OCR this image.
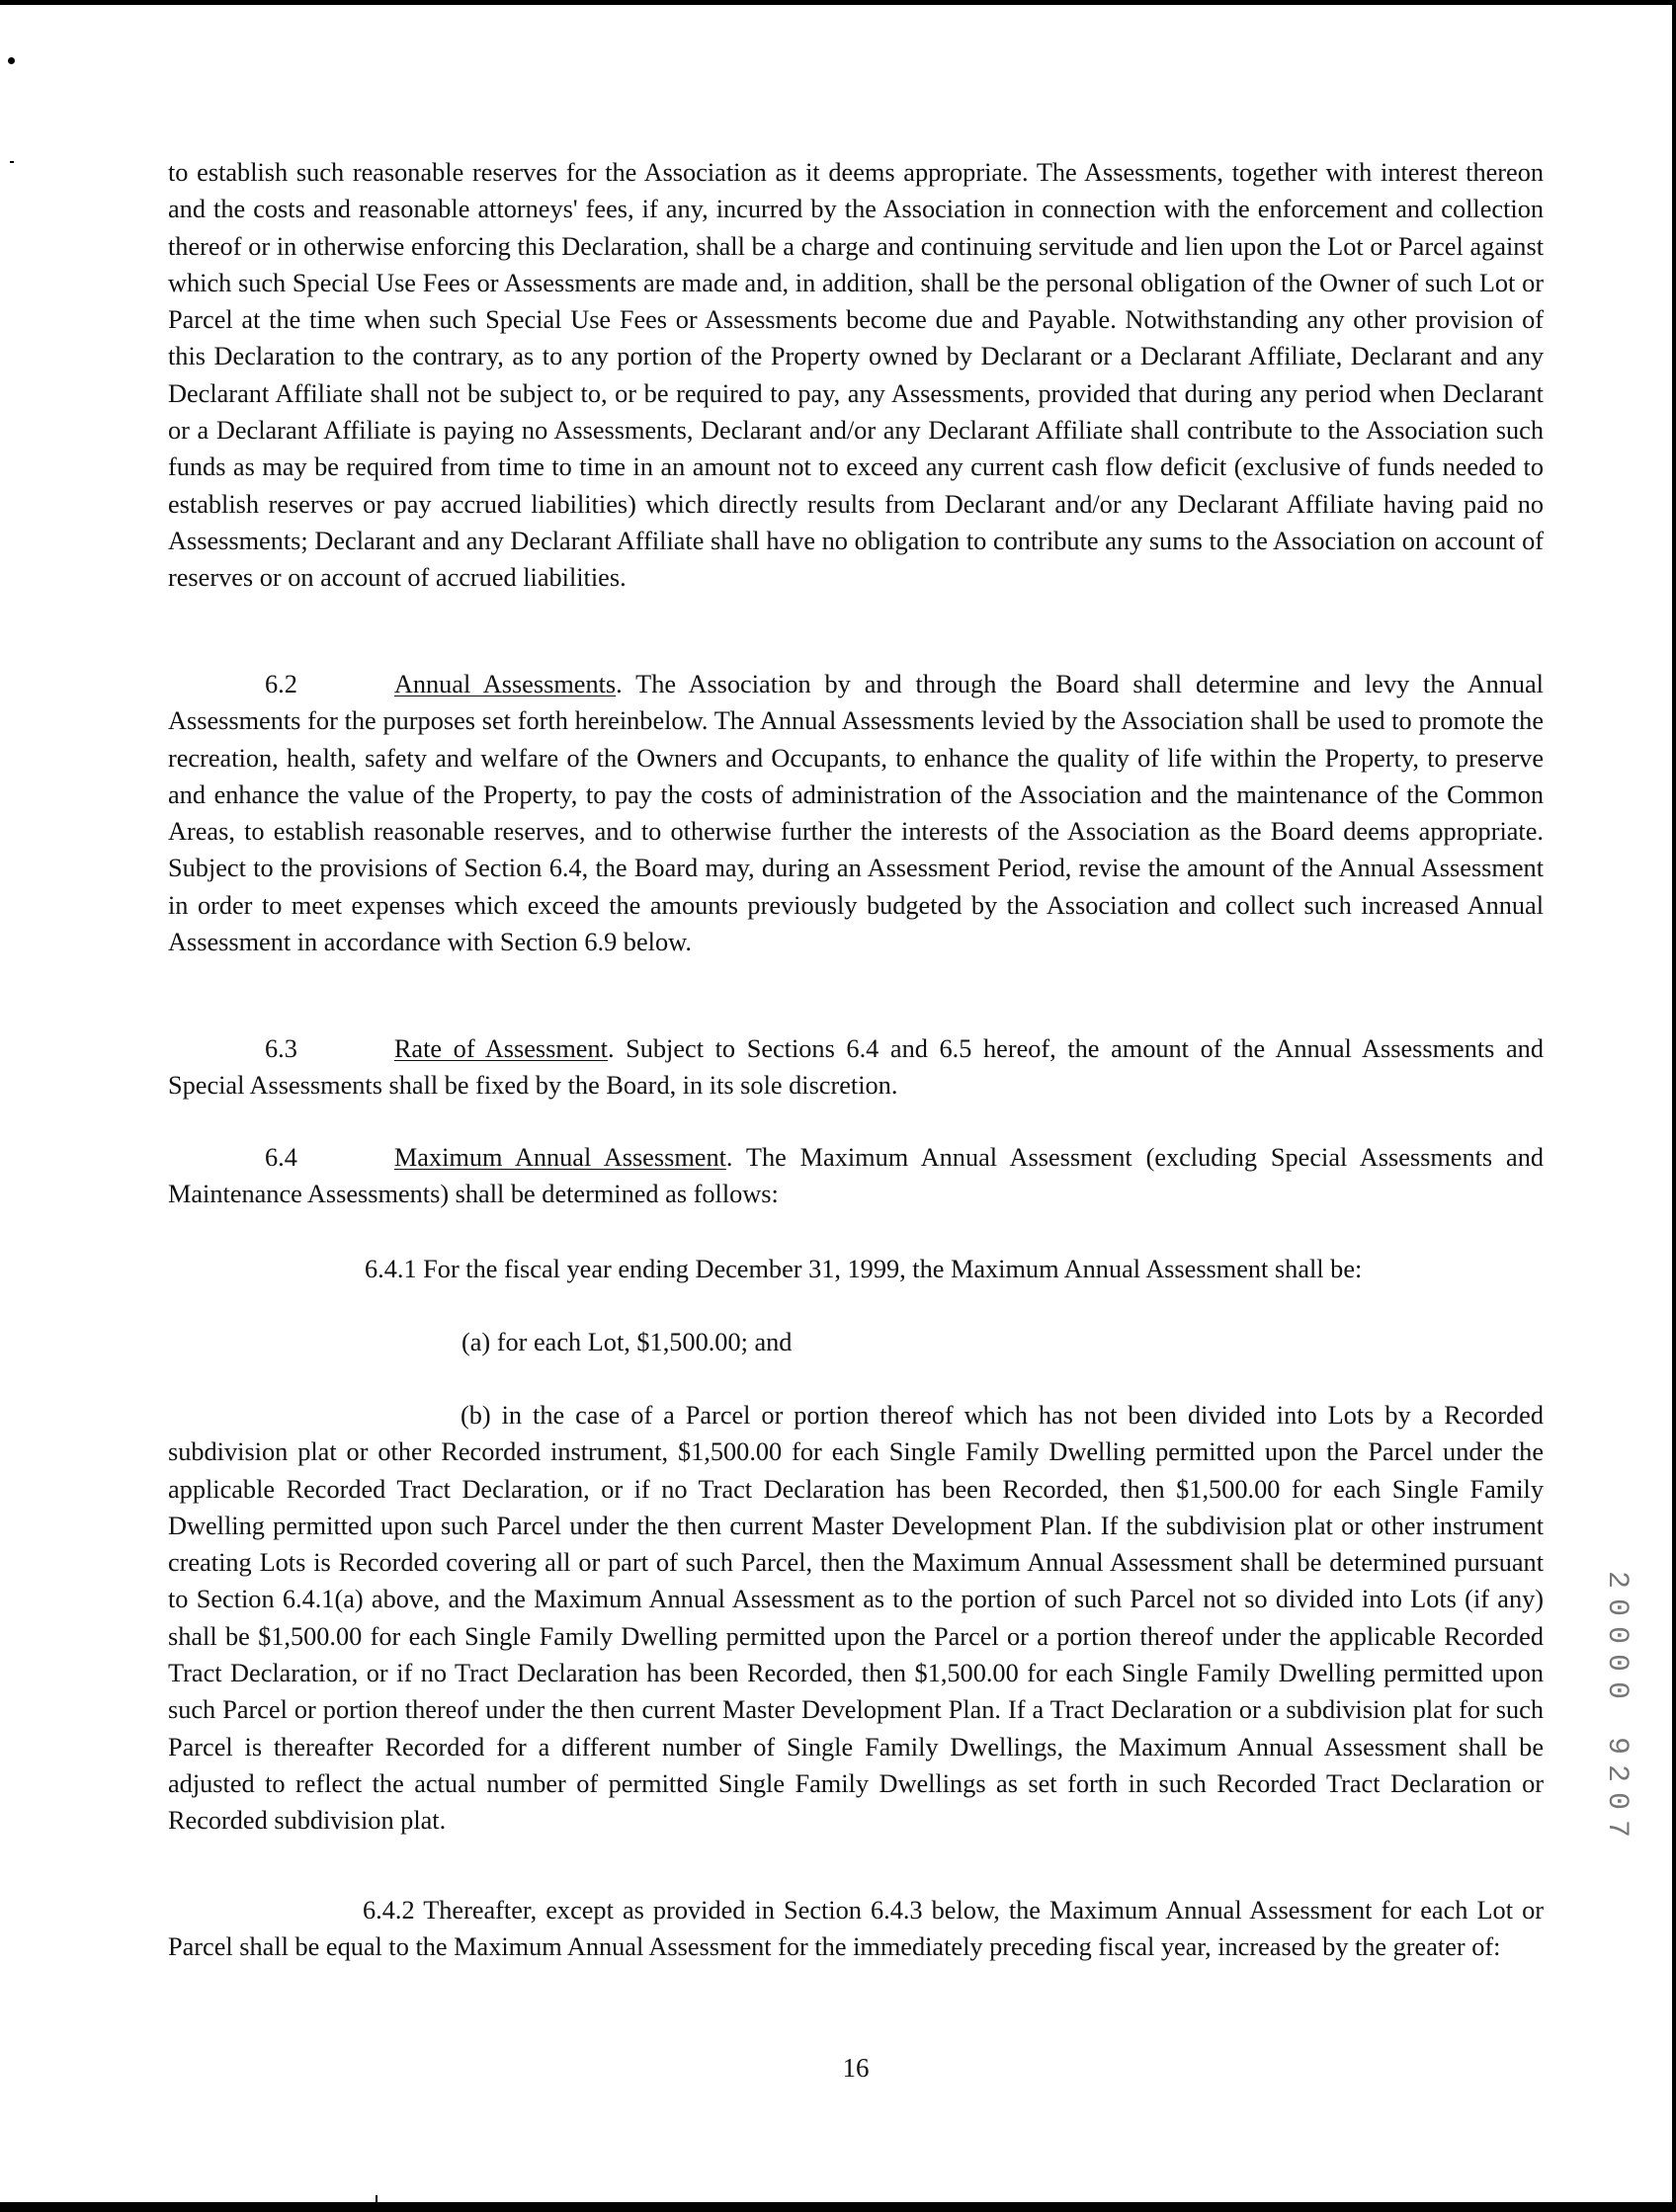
to establish such reasonable reserves for the Association as it deems appropriate. The Assessments, together with interest thereon and the costs and reasonable attorneys' fees, if any, incurred by the Association in connection with the enforcement and collection thereof or in otherwise enforcing this Declaration, shall be a charge and continuing servitude and lien upon the Lot or Parcel against which such Special Use Fees or Assessments are made and, in addition, shall be the personal obligation of the Owner of such Lot or Parcel at the time when such Special Use Fees or Assessments become due and Payable. Notwithstanding any other provision of this Declaration to the contrary, as to any portion of the Property owned by Declarant or a Declarant Affiliate, Declarant and any Declarant Affiliate shall not be subject to, or be required to pay, any Assessments, provided that during any period when Declarant or a Declarant Affiliate is paying no Assessments, Declarant and/or any Declarant Affiliate shall contribute to the Association such funds as may be required from time to time in an amount not to exceed any current cash flow deficit (exclusive of funds needed to establish reserves or pay accrued liabilities) which directly results from Declarant and/or any Declarant Affiliate having paid no Assessments; Declarant and any Declarant Affiliate shall have no obligation to contribute any sums to the Association on account of reserves or on account of accrued liabilities.

6.2	Annual Assessments. The Association by and through the Board shall determine and levy the Annual Assessments for the purposes set forth hereinbelow. The Annual Assessments levied by the Association shall be used to promote the recreation, health, safety and welfare of the Owners and Occupants, to enhance the quality of life within the Property, to preserve and enhance the value of the Property, to pay the costs of administration of the Association and the maintenance of the Common Areas, to establish reasonable reserves, and to otherwise further the interests of the Association as the Board deems appropriate. Subject to the provisions of Section 6.4, the Board may, during an Assessment Period, revise the amount of the Annual Assessment in order to meet expenses which exceed the amounts previously budgeted by the Association and collect such increased Annual Assessment in accordance with Section 6.9 below.

6.3	Rate of Assessment. Subject to Sections 6.4 and 6.5 hereof, the amount of the Annual Assessments and Special Assessments shall be fixed by the Board, in its sole discretion.

6.4	Maximum Annual Assessment. The Maximum Annual Assessment (excluding Special Assessments and Maintenance Assessments) shall be determined as follows:

6.4.1 For the fiscal year ending December 31, 1999, the Maximum Annual Assessment shall be:

(a) for each Lot, $1,500.00; and

(b) in the case of a Parcel or portion thereof which has not been divided into Lots by a Recorded subdivision plat or other Recorded instrument, $1,500.00 for each Single Family Dwelling permitted upon the Parcel under the applicable Recorded Tract Declaration, or if no Tract Declaration has been Recorded, then $1,500.00 for each Single Family Dwelling permitted upon such Parcel under the then current Master Development Plan. If the subdivision plat or other instrument creating Lots is Recorded covering all or part of such Parcel, then the Maximum Annual Assessment shall be determined pursuant to Section 6.4.1(a) above, and the Maximum Annual Assessment as to the portion of such Parcel not so divided into Lots (if any) shall be $1,500.00 for each Single Family Dwelling permitted upon the Parcel or a portion thereof under the applicable Recorded Tract Declaration, or if no Tract Declaration has been Recorded, then $1,500.00 for each Single Family Dwelling permitted upon such Parcel or portion thereof under the then current Master Development Plan. If a Tract Declaration or a subdivision plat for such Parcel is thereafter Recorded for a different number of Single Family Dwellings, the Maximum Annual Assessment shall be adjusted to reflect the actual number of permitted Single Family Dwellings as set forth in such Recorded Tract Declaration or Recorded subdivision plat.

6.4.2 Thereafter, except as provided in Section 6.4.3 below, the Maximum Annual Assessment for each Lot or Parcel shall be equal to the Maximum Annual Assessment for the immediately preceding fiscal year, increased by the greater of:

16

20000 9207
